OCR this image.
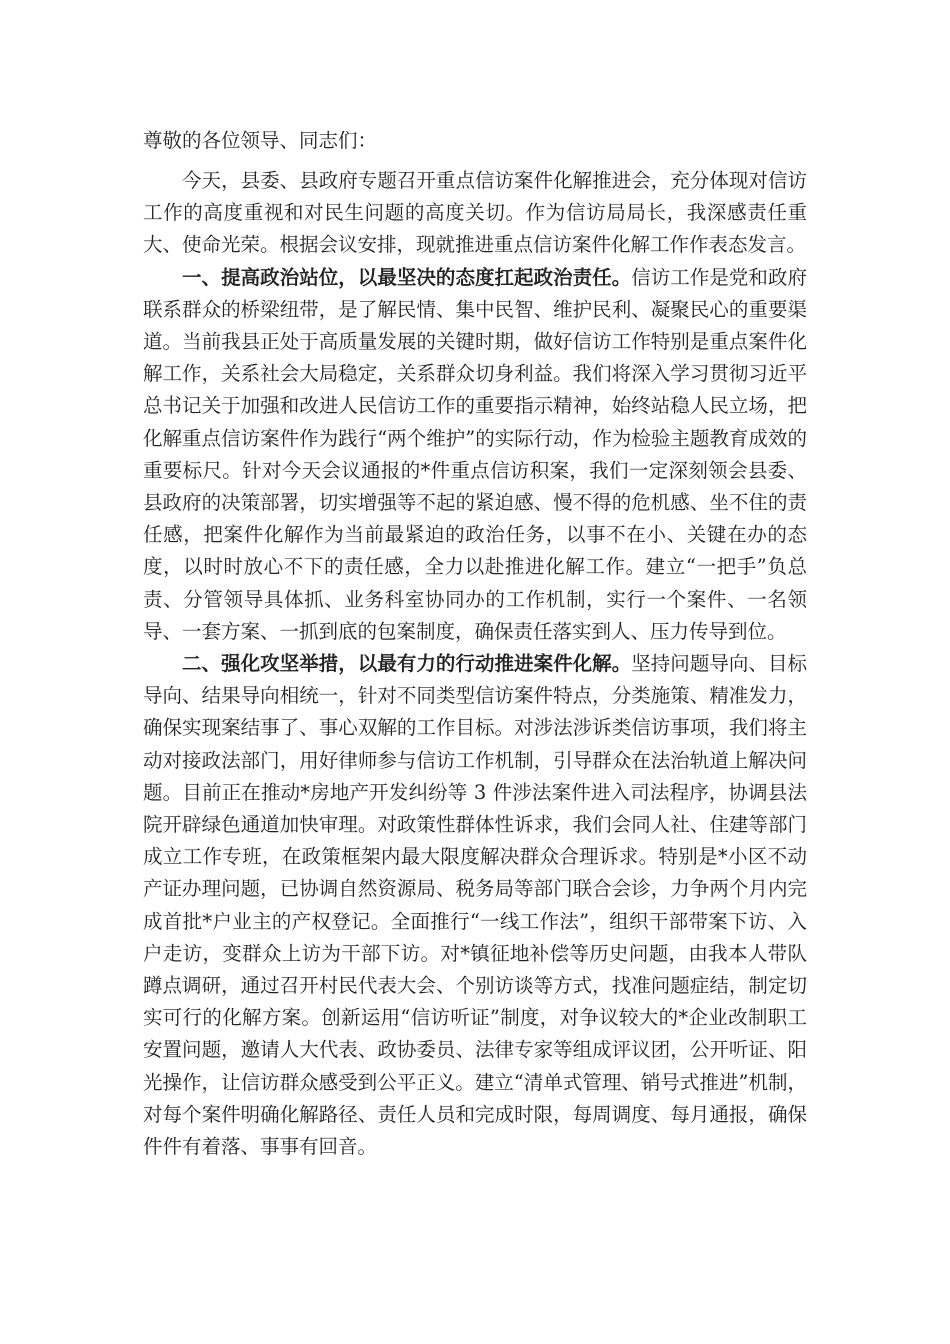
尊敬的各位领导、同志们：

今天，县委、县政府专题召开重点信访案件化解推进会，充分体现对信访工作的高度重视和对民生问题的高度关切。作为信访局局长，我深感责任重大、使命光荣。根据会议安排，现就推进重点信访案件化解工作作表态发言。

一、提高政治站位，以最坚决的态度扛起政治责任。信访工作是党和政府联系群众的桥梁纽带，是了解民情、集中民智、维护民利、凝聚民心的重要渠道。当前我县正处于高质量发展的关键时期，做好信访工作特别是重点案件化解工作，关系社会大局稳定，关系群众切身利益。我们将深入学习贯彻习近平总书记关于加强和改进人民信访工作的重要指示精神，始终站稳人民立场，把化解重点信访案件作为践行“两个维护”的实际行动，作为检验主题教育成效的重要标尺。针对今天会议通报的*件重点信访积案，我们一定深刻领会县委、县政府的决策部署，切实增强等不起的紧迫感、慢不得的危机感、坐不住的责任感，把案件化解作为当前最紧迫的政治任务，以事不在小、关键在办的态度，以时时放心不下的责任感，全力以赴推进化解工作。建立“一把手”负总责、分管领导具体抓、业务科室协同办的工作机制，实行一个案件、一名领导、一套方案、一抓到底的包案制度，确保责任落实到人、压力传导到位。

二、强化攻坚举措，以最有力的行动推进案件化解。坚持问题导向、目标导向、结果导向相统一，针对不同类型信访案件特点，分类施策、精准发力，确保实现案结事了、事心双解的工作目标。对涉法涉诉类信访事项，我们将主动对接政法部门，用好律师参与信访工作机制，引导群众在法治轨道上解决问题。目前正在推动*房地产开发纠纷等 3 件涉法案件进入司法程序，协调县法院开辟绿色通道加快审理。对政策性群体性诉求，我们会同人社、住建等部门成立工作专班，在政策框架内最大限度解决群众合理诉求。特别是*小区不动产证办理问题，已协调自然资源局、税务局等部门联合会诊，力争两个月内完成首批*户业主的产权登记。全面推行“一线工作法”，组织干部带案下访、入户走访，变群众上访为干部下访。对*镇征地补偿等历史问题，由我本人带队蹲点调研，通过召开村民代表大会、个别访谈等方式，找准问题症结，制定切实可行的化解方案。创新运用“信访听证”制度，对争议较大的*企业改制职工安置问题，邀请人大代表、政协委员、法律专家等组成评议团，公开听证、阳光操作，让信访群众感受到公平正义。建立“清单式管理、销号式推进”机制，对每个案件明确化解路径、责任人员和完成时限，每周调度、每月通报，确保件件有着落、事事有回音。
